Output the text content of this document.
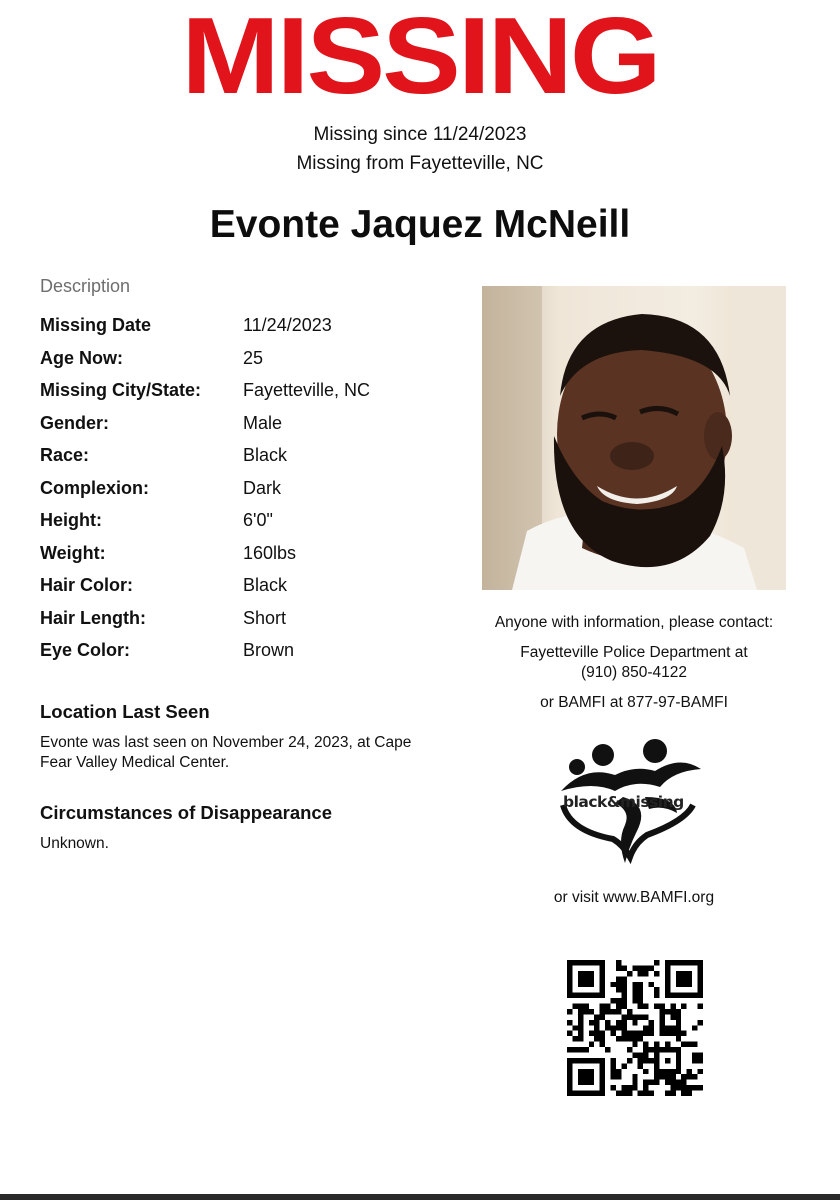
MISSING
Missing since 11/24/2023
Missing from Fayetteville, NC
Evonte Jaquez McNeill
Description
Missing Date	11/24/2023
Age Now:	25
Missing City/State: Fayetteville, NC
Gender:	Male
Race:	Black
Complexion:	Dark
Height:	6'0"
Weight:	160lbs
Hair Color:	Black
Hair Length:	Short
Eye Color:	Brown
Location Last Seen
Evonte was last seen on November 24, 2023, at Cape Fear Valley Medical Center.
Circumstances of Disappearance
Unknown.
Anyone with information, please contact:
Fayetteville Police Department at
(910) 850-4122
or BAMFI at 877-97-BAMFI
black&missing
or visit www.BAMFI.org
